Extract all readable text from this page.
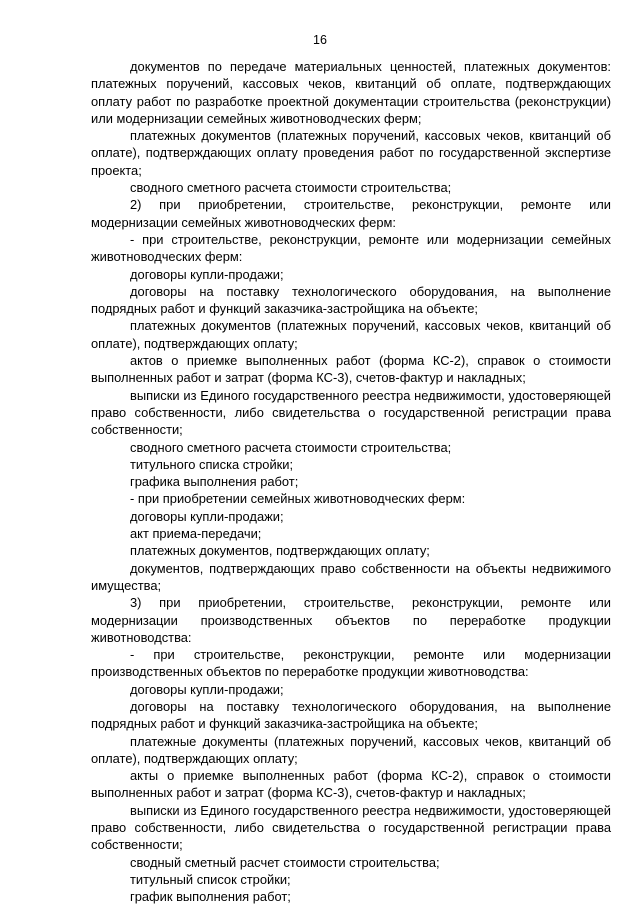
16

документов по передаче материальных ценностей, платежных документов: платежных поручений, кассовых чеков, квитанций об оплате, подтверждающих оплату работ по разработке проектной документации строительства (реконструкции) или модернизации семейных животноводческих ферм;

платежных документов (платежных поручений, кассовых чеков, квитанций об оплате), подтверждающих оплату проведения работ по государственной экспертизе проекта;

сводного сметного расчета стоимости строительства;

2) при приобретении, строительстве, реконструкции, ремонте или модернизации семейных животноводческих ферм:

- при строительстве, реконструкции, ремонте или модернизации семейных животноводческих ферм:

договоры купли-продажи;

договоры на поставку технологического оборудования, на выполнение подрядных работ и функций заказчика-застройщика на объекте;

платежных документов (платежных поручений, кассовых чеков, квитанций об оплате), подтверждающих оплату;

актов о приемке выполненных работ (форма КС-2), справок о стоимости выполненных работ и затрат (форма КС-3), счетов-фактур и накладных;

выписки из Единого государственного реестра недвижимости, удостоверяющей право собственности, либо свидетельства о государственной регистрации права собственности;

сводного сметного расчета стоимости строительства;

титульного списка стройки;

графика выполнения работ;

- при приобретении семейных животноводческих ферм:

договоры купли-продажи;

акт приема-передачи;

платежных документов, подтверждающих оплату;

документов, подтверждающих право собственности на объекты недвижимого имущества;

3) при приобретении, строительстве, реконструкции, ремонте или модернизации производственных объектов по переработке продукции животноводства:

- при строительстве, реконструкции, ремонте или модернизации производственных объектов по переработке продукции животноводства:

договоры купли-продажи;

договоры на поставку технологического оборудования, на выполнение подрядных работ и функций заказчика-застройщика на объекте;

платежные документы (платежных поручений, кассовых чеков, квитанций об оплате), подтверждающих оплату;

акты о приемке выполненных работ (форма КС-2), справок о стоимости выполненных работ и затрат (форма КС-3), счетов-фактур и накладных;

выписки из Единого государственного реестра недвижимости, удостоверяющей право собственности, либо свидетельства о государственной регистрации права собственности;

сводный сметный расчет стоимости строительства;

титульный список стройки;

график выполнения работ;
